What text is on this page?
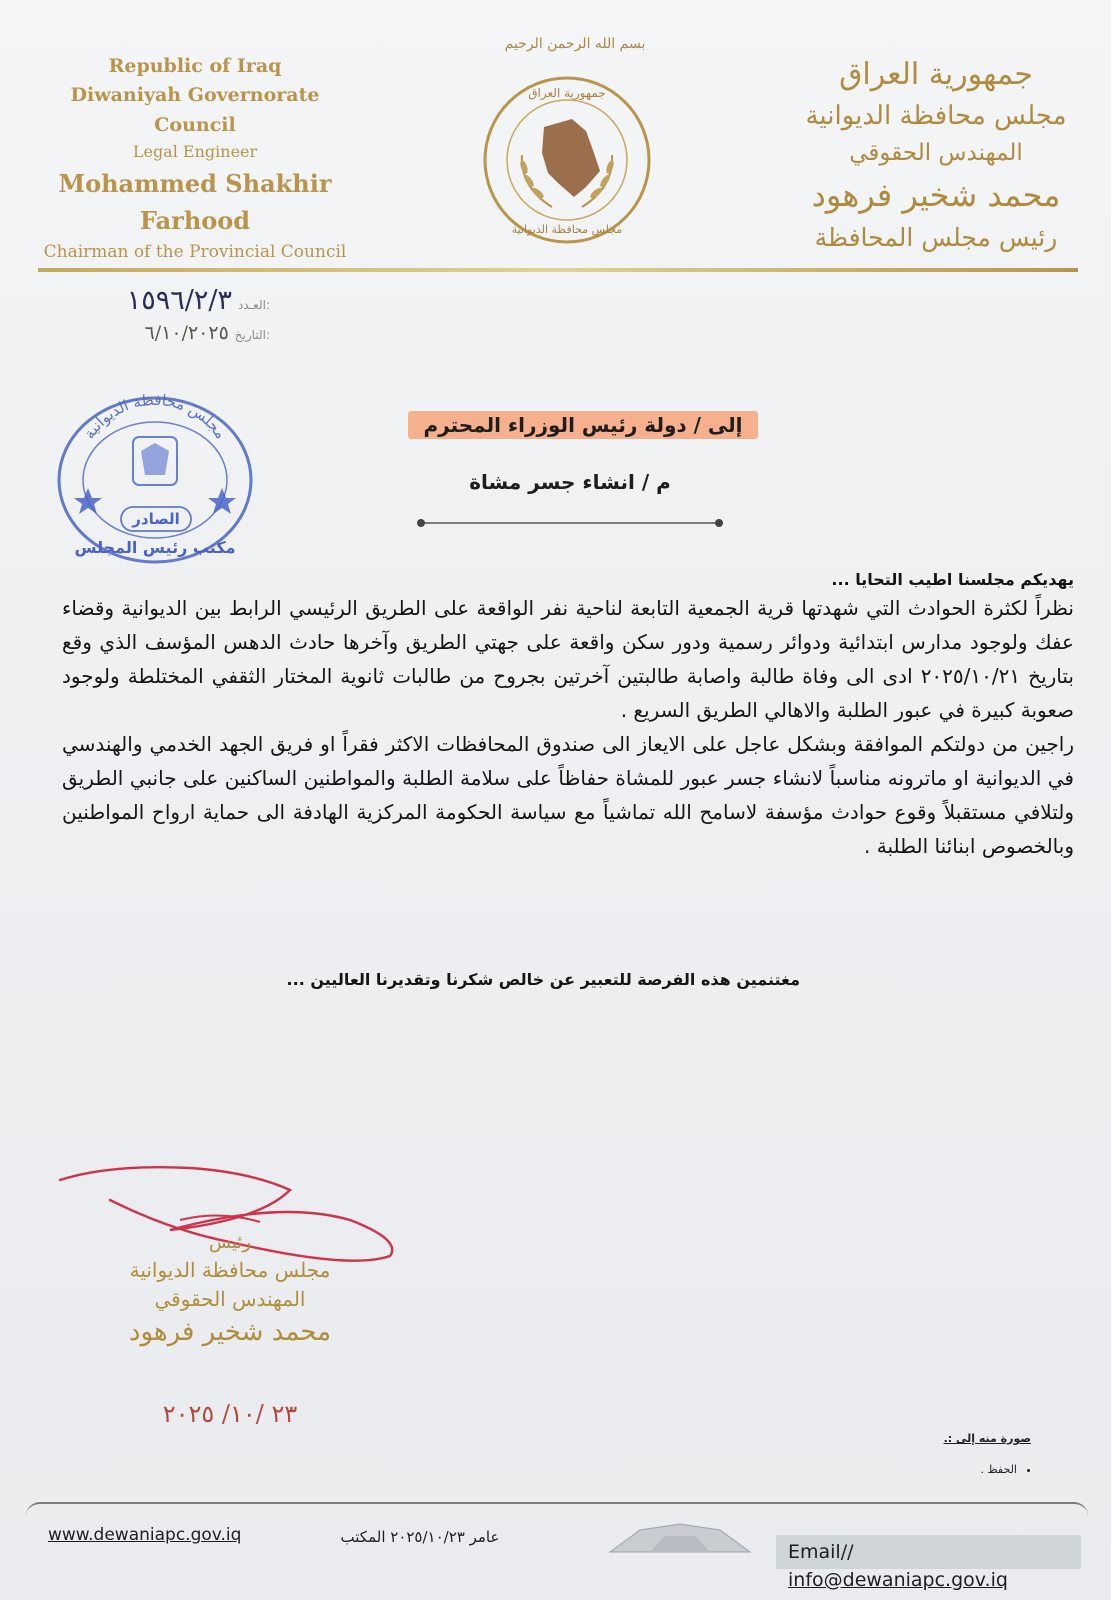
Republic of Iraq
Diwaniyah Governorate Council
Legal Engineer
Mohammed Shakhir Farhood
Chairman of the Provincial Council
بسم الله الرحمن الرحيم
جمهورية العراق
مجلس محافظة الديوانية
جمهورية العراق
مجلس محافظة الديوانية
المهندس الحقوقي
محمد شخير فرهود
رئيس مجلس المحافظة
١٥٩٦/٢/٣ العـدد:
٦/١٠/٢٠٢٥ التاريخ:
مجلس محافظة الديوانية
الصادر
مكتب رئيس المجلس
إلى / دولة رئيس الوزراء المحترم
م / انشاء جسر مشاة

يهديكم مجلسنا اطيب التحايا ...

نظراً لكثرة الحوادث التي شهدتها قرية الجمعية التابعة لناحية نفر الواقعة على الطريق الرئيسي الرابط بين الديوانية وقضاء عفك ولوجود مدارس ابتدائية ودوائر رسمية ودور سكن واقعة على جهتي الطريق وآخرها حادث الدهس المؤسف الذي وقع بتاريخ ٢٠٢٥/١٠/٢١ ادى الى وفاة طالبة واصابة طالبتين آخرتين بجروح من طالبات ثانوية المختار الثقفي المختلطة ولوجود صعوبة كبيرة في عبور الطلبة والاهالي الطريق السريع .

راجين من دولتكم الموافقة وبشكل عاجل على الايعاز الى صندوق المحافظات الاكثر فقراً او فريق الجهد الخدمي والهندسي في الديوانية او ماترونه مناسباً لانشاء جسر عبور للمشاة حفاظاً على سلامة الطلبة والمواطنين الساكنين على جانبي الطريق ولتلافي مستقبلاً وقوع حوادث مؤسفة لاسامح الله تماشياً مع سياسة الحكومة المركزية الهادفة الى حماية ارواح المواطنين وبالخصوص ابنائنا الطلبة .

مغتنمين هذه الفرصة للتعبير عن خالص شكرنا وتقديرنا العاليين ...
رئيس
مجلس محافظة الديوانية
المهندس الحقوقي
محمد شخير فرهود
٢٣ /١٠/ ٢٠٢٥
صورة منه إلى :.
• الحفظ .
www.dewaniapc.gov.iq	عامر ٢٠٢٥/١٠/٢٣ المكتب
Email// info@dewaniapc.gov.iq
